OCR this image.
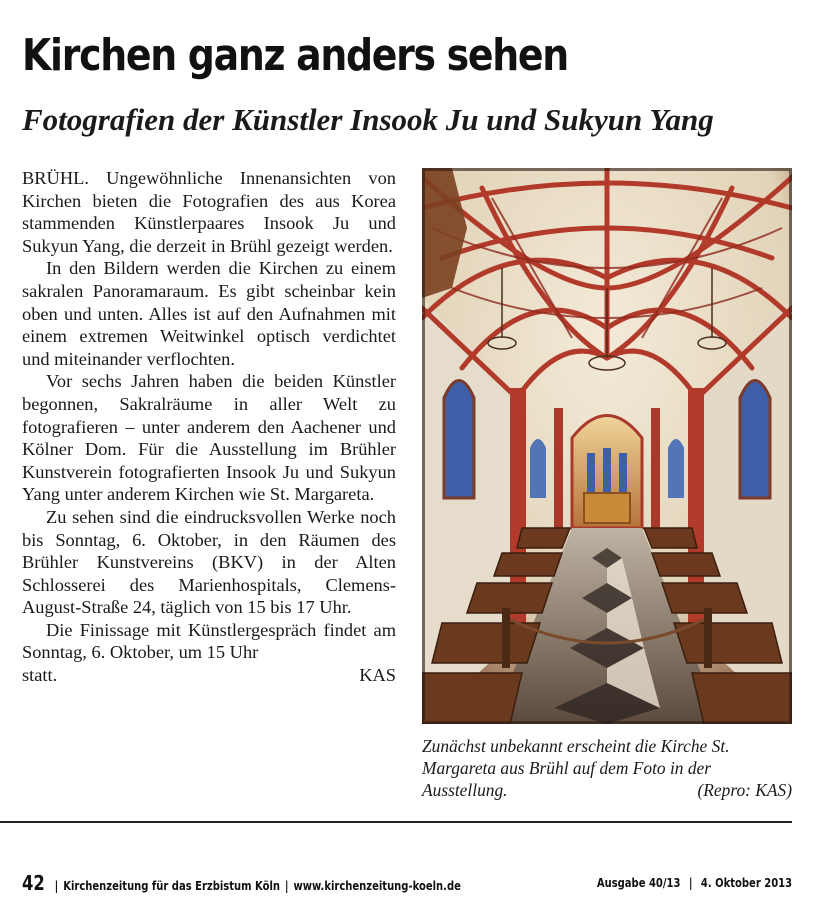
Kirchen ganz anders sehen
Fotografien der Künstler Insook Ju und Sukyun Yang

BRÜHL. Ungewöhnliche Innenansichten von Kirchen bieten die Fotografien des aus Korea stammenden Künstlerpaares Insook Ju und Sukyun Yang, die derzeit in Brühl gezeigt werden.

In den Bildern werden die Kirchen zu einem sakralen Panoramaraum. Es gibt scheinbar kein oben und unten. Alles ist auf den Aufnahmen mit einem extremen Weitwinkel optisch verdichtet und miteinander verflochten.

Vor sechs Jahren haben die beiden Künstler begonnen, Sakralräume in aller Welt zu fotografieren – unter anderem den Aachener und Kölner Dom. Für die Ausstellung im Brühler Kunstverein fotografierten Insook Ju und Sukyun Yang unter anderem Kirchen wie St. Margareta.

Zu sehen sind die eindrucksvollen Werke noch bis Sonntag, 6. Oktober, in den Räumen des Brühler Kunstvereins (BKV) in der Alten Schlosserei des Marienhospitals, Clemens-August-Straße 24, täglich von 15 bis 17 Uhr.

Die Finissage mit Künstlergespräch findet am Sonntag, 6. Oktober, um 15 Uhr

statt.	KAS
Zunächst unbekannt erscheint die Kirche St.
Margareta aus Brühl auf dem Foto in der
Ausstellung.	(Repro: KAS)
42 | Kirchenzeitung für das Erzbistum Köln | www.kirchenzeitung-koeln.de	Ausgabe 40/13 | 4. Oktober 2013
